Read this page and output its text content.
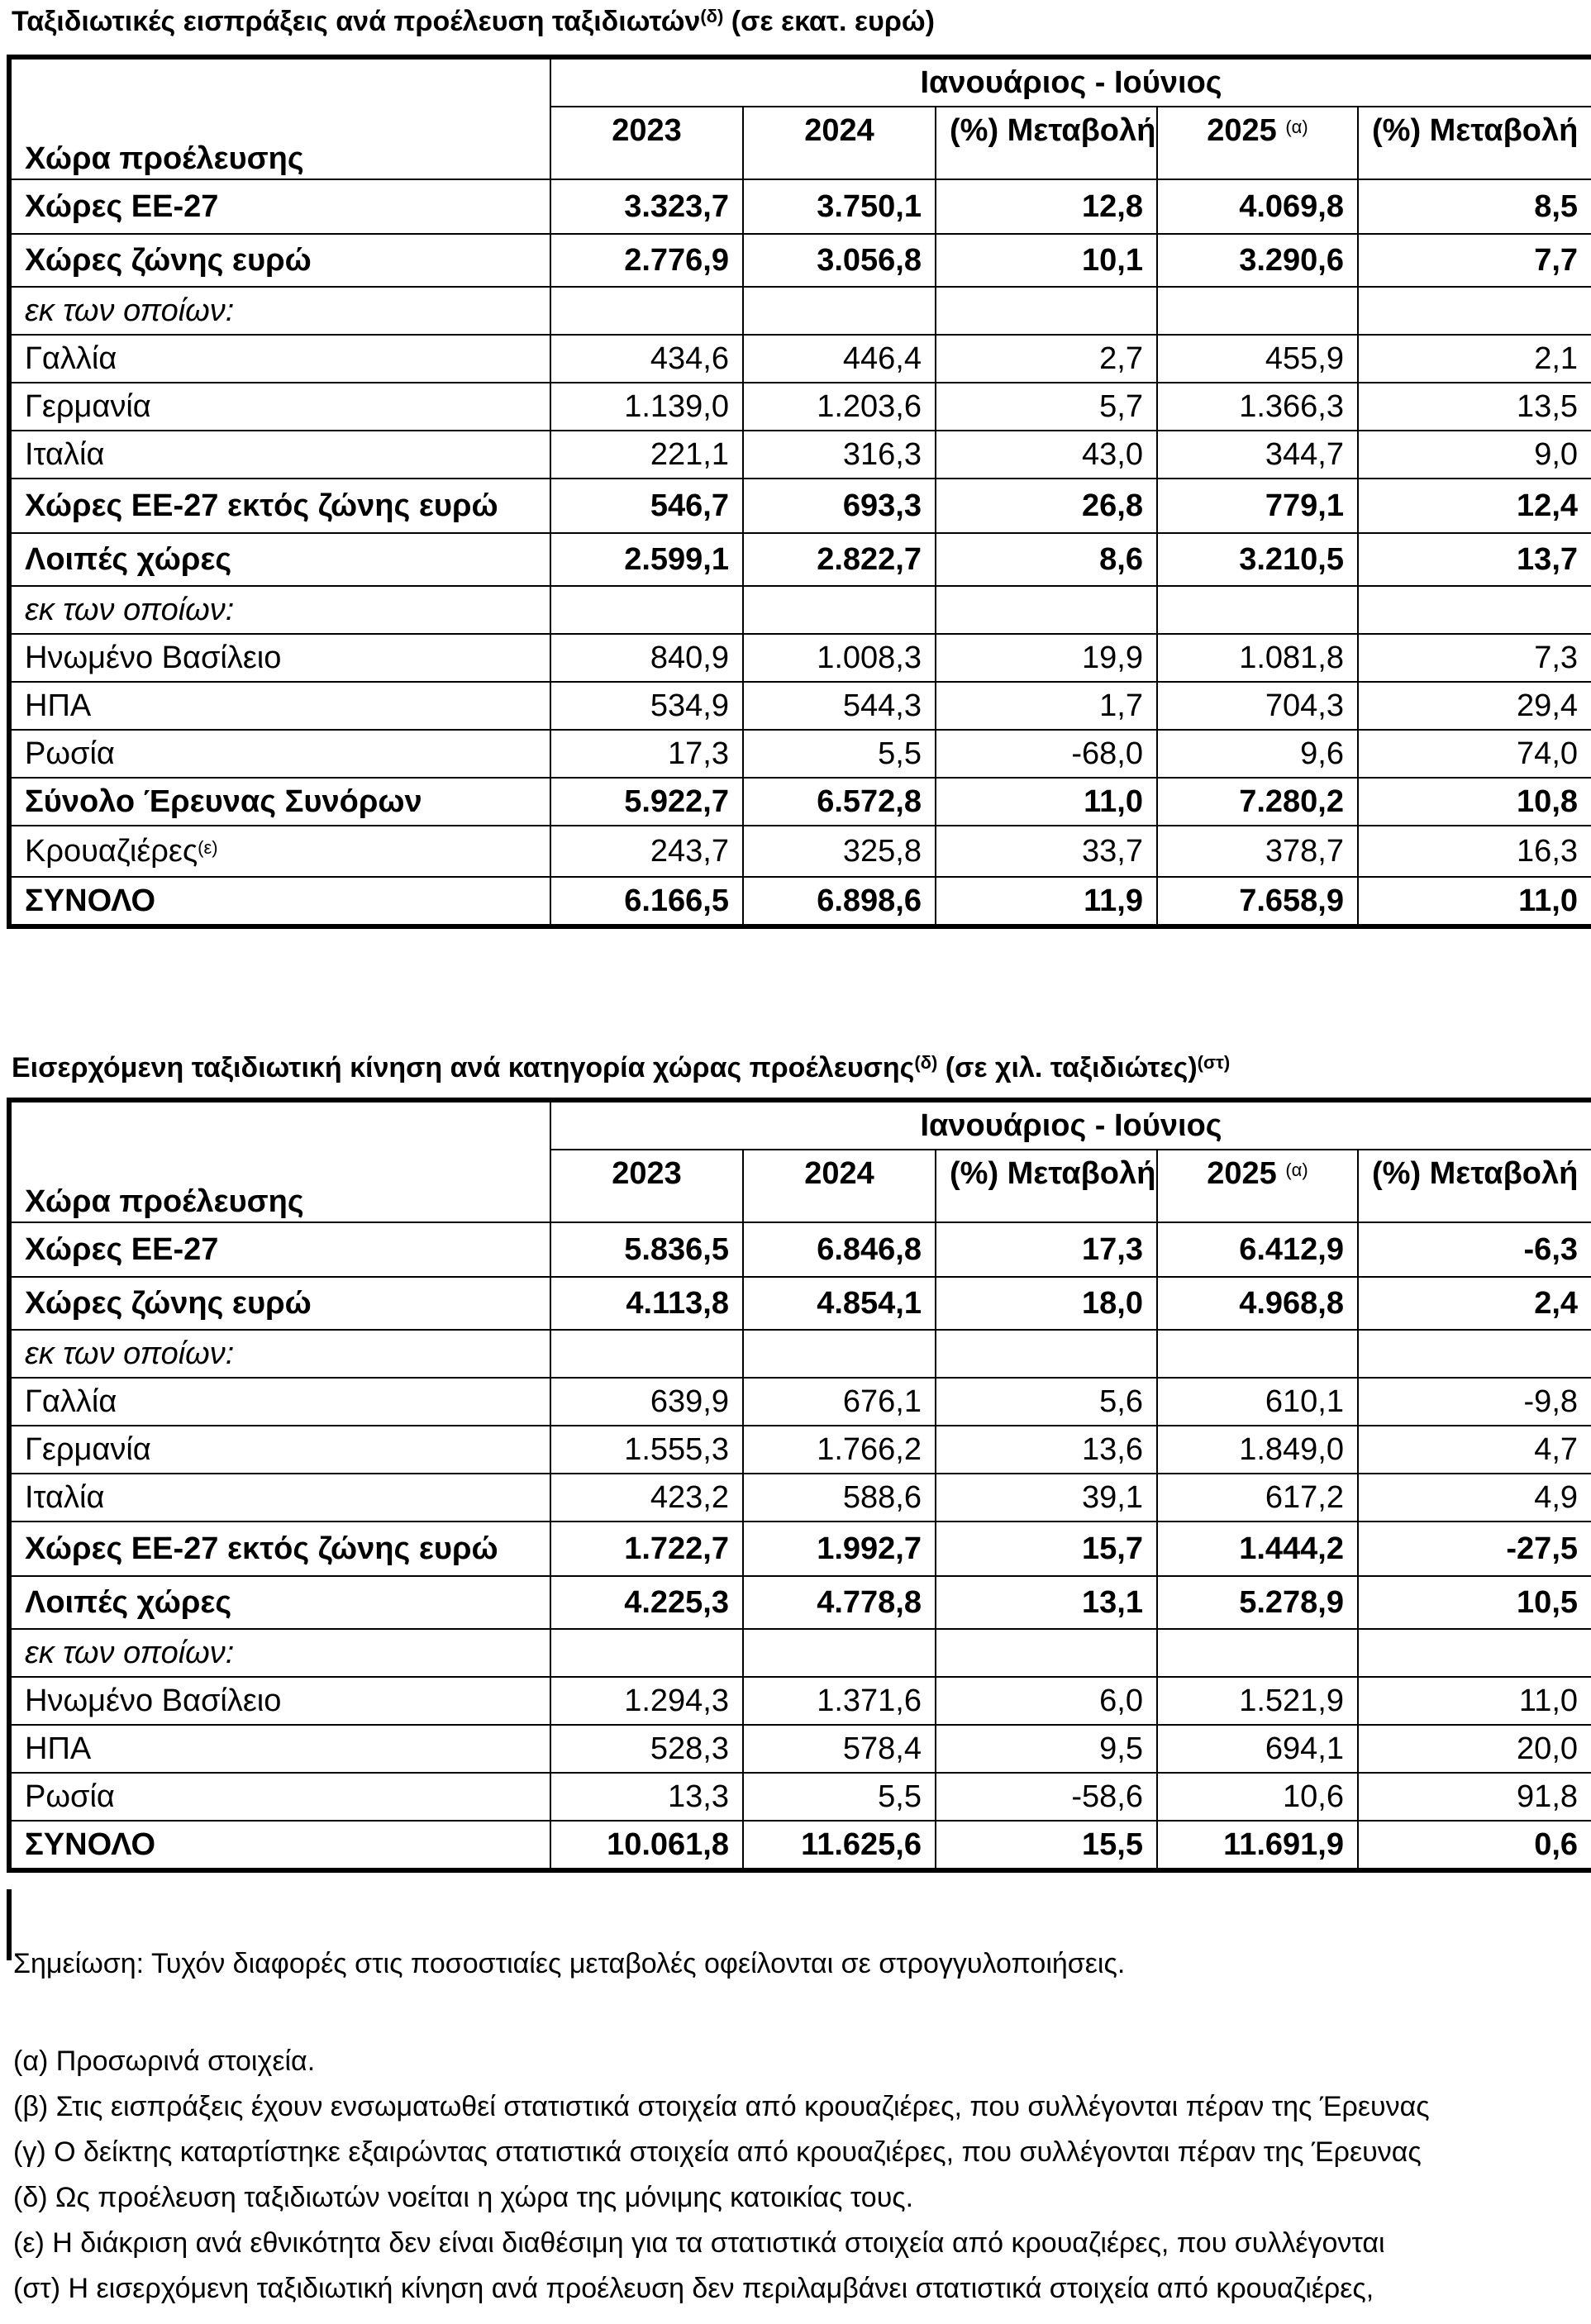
Ταξιδιωτικές εισπράξεις ανά προέλευση ταξιδιωτών$^{(\delta)}$ (σε εκατ. ευρώ)
	Ιανουάριος - Ιούνιος				
Χώρα προέλευσης	2023	2024	(%) Μεταβολή	2025 $^{(\alpha)}$	(%) Μεταβολή
Χώρες ΕΕ-27	3.323,7	3.750,1	12,8	4.069,8	8,5
Χώρες ζώνης ευρώ	2.776,9	3.056,8	10,1	3.290,6	7,7
εκ των οποίων:					
Γαλλία	434,6	446,4	2,7	455,9	2,1
Γερμανία	1.139,0	1.203,6	5,7	1.366,3	13,5
Ιταλία	221,1	316,3	43,0	344,7	9,0
Χώρες ΕΕ-27 εκτός ζώνης ευρώ	546,7	693,3	26,8	779,1	12,4
Λοιπές χώρες	2.599,1	2.822,7	8,6	3.210,5	13,7
εκ των οποίων:					
Ηνωμένο Βασίλειο	840,9	1.008,3	19,9	1.081,8	7,3
ΗΠΑ	534,9	544,3	1,7	704,3	29,4
Ρωσία	17,3	5,5	-68,0	9,6	74,0
Σύνολο Έρευνας Συνόρων	5.922,7	6.572,8	11,0	7.280,2	10,8
Κρουαζιέρες$^{(\varepsilon)}$	243,7	325,8	33,7	378,7	16,3
ΣΥΝΟΛΟ	6.166,5	6.898,6	11,9	7.658,9	11,0
Εισερχόμενη ταξιδιωτική κίνηση ανά κατηγορία χώρας προέλευσης$^{(\delta)}$ (σε χιλ. ταξιδιώτες)$^{(\sigma\tau)}$
	Ιανουάριος - Ιούνιος				
Χώρα προέλευσης	2023	2024	(%) Μεταβολή	2025 $^{(\alpha)}$	(%) Μεταβολή
Χώρες ΕΕ-27	5.836,5	6.846,8	17,3	6.412,9	-6,3
Χώρες ζώνης ευρώ	4.113,8	4.854,1	18,0	4.968,8	2,4
εκ των οποίων:					
Γαλλία	639,9	676,1	5,6	610,1	-9,8
Γερμανία	1.555,3	1.766,2	13,6	1.849,0	4,7
Ιταλία	423,2	588,6	39,1	617,2	4,9
Χώρες ΕΕ-27 εκτός ζώνης ευρώ	1.722,7	1.992,7	15,7	1.444,2	-27,5
Λοιπές χώρες	4.225,3	4.778,8	13,1	5.278,9	10,5
εκ των οποίων:					
Ηνωμένο Βασίλειο	1.294,3	1.371,6	6,0	1.521,9	11,0
ΗΠΑ	528,3	578,4	9,5	694,1	20,0
Ρωσία	13,3	5,5	-58,6	10,6	91,8
ΣΥΝΟΛΟ	10.061,8	11.625,6	15,5	11.691,9	0,6
Σημείωση: Τυχόν διαφορές στις ποσοστιαίες μεταβολές οφείλονται σε στρογγυλοποιήσεις.
(α) Προσωρινά στοιχεία.
(β) Στις εισπράξεις έχουν ενσωματωθεί στατιστικά στοιχεία από κρουαζιέρες, που συλλέγονται πέραν της Έρευνας
(γ) Ο δείκτης καταρτίστηκε εξαιρώντας στατιστικά στοιχεία από κρουαζιέρες, που συλλέγονται πέραν της Έρευνας
(δ) Ως προέλευση ταξιδιωτών νοείται η χώρα της μόνιμης κατοικίας τους.
(ε) Η διάκριση ανά εθνικότητα δεν είναι διαθέσιμη για τα στατιστικά στοιχεία από κρουαζιέρες, που συλλέγονται
(στ) Η εισερχόμενη ταξιδιωτική κίνηση ανά προέλευση δεν περιλαμβάνει στατιστικά στοιχεία από κρουαζιέρες,
